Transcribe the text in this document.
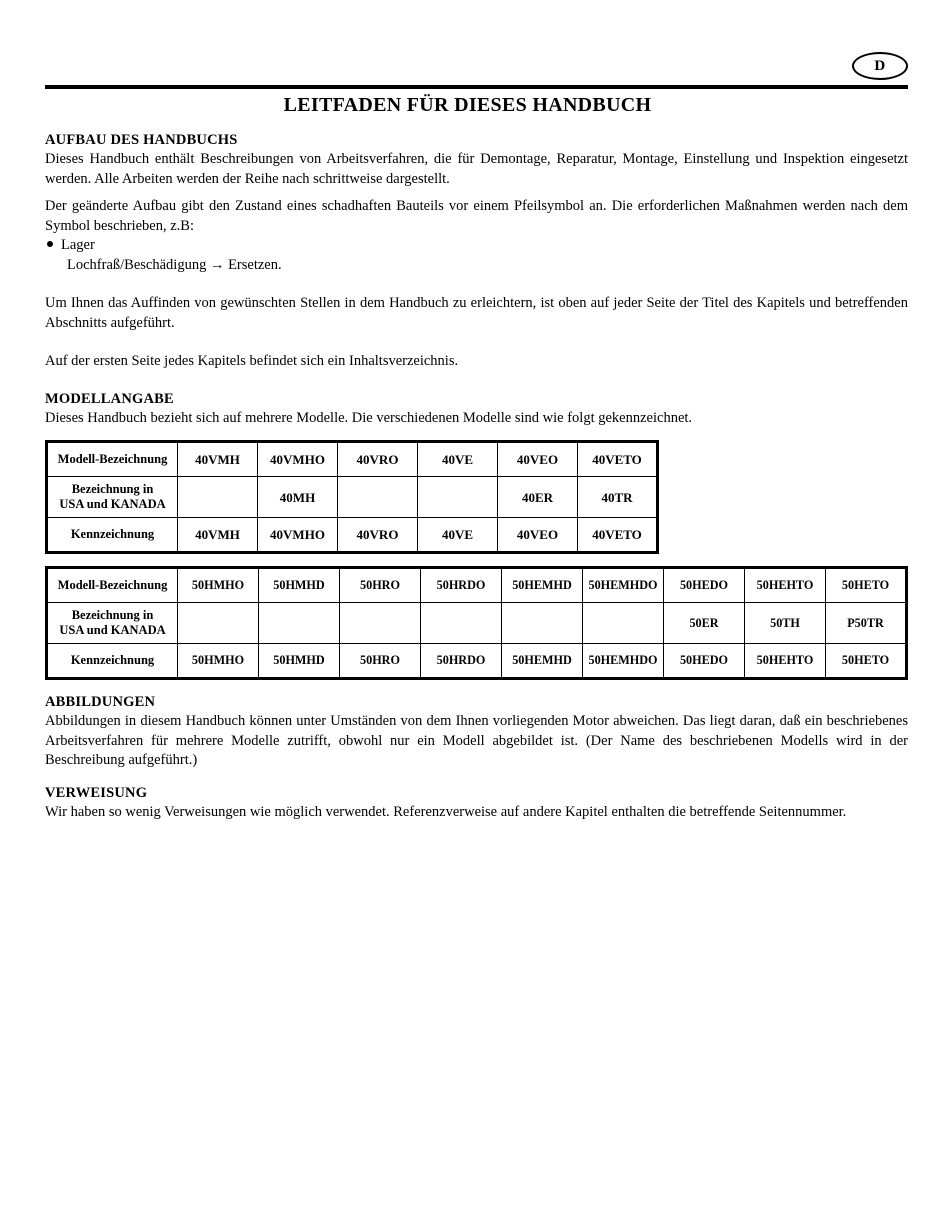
D
LEITFADEN FÜR DIESES HANDBUCH
AUFBAU DES HANDBUCHS

Dieses Handbuch enthält Beschreibungen von Arbeitsverfahren, die für Demontage, Reparatur, Montage, Einstellung und Inspektion eingesetzt werden. Alle Arbeiten werden der Reihe nach schrittweise dargestellt.

Der geänderte Aufbau gibt den Zustand eines schadhaften Bauteils vor einem Pfeilsymbol an. Die erforderlichen Maßnahmen werden nach dem Symbol beschrieben, z.B:

Lager

Lochfraß/Beschädigung → Ersetzen.

Um Ihnen das Auffinden von gewünschten Stellen in dem Handbuch zu erleichtern, ist oben auf jeder Seite der Titel des Kapitels und betreffenden Abschnitts aufgeführt.

Auf der ersten Seite jedes Kapitels befindet sich ein Inhaltsverzeichnis.

MODELLANGABE

Dieses Handbuch bezieht sich auf mehrere Modelle. Die verschiedenen Modelle sind wie folgt gekennzeichnet.

Modell-Bezeichnung	40VMH	40VMHO	40VRO	40VE	40VEO	40VETO
Bezeichnung in
USA und KANADA		40MH			40ER	40TR
Kennzeichnung	40VMH	40VMHO	40VRO	40VE	40VEO	40VETO
Modell-Bezeichnung	50HMHO	50HMHD	50HRO	50HRDO	50HEMHD	50HEMHDO	50HEDO	50HEHTO	50HETO
Bezeichnung in
USA und KANADA							50ER	50TH	P50TR
Kennzeichnung	50HMHO	50HMHD	50HRO	50HRDO	50HEMHD	50HEMHDO	50HEDO	50HEHTO	50HETO
ABBILDUNGEN

Abbildungen in diesem Handbuch können unter Umständen von dem Ihnen vorliegenden Motor abweichen. Das liegt daran, daß ein beschriebenes Arbeitsverfahren für mehrere Modelle zutrifft, obwohl nur ein Modell abgebildet ist. (Der Name des beschriebenen Modells wird in der Beschreibung aufgeführt.)

VERWEISUNG

Wir haben so wenig Verweisungen wie möglich verwendet. Referenzverweise auf andere Kapitel enthalten die betreffende Seitennummer.
